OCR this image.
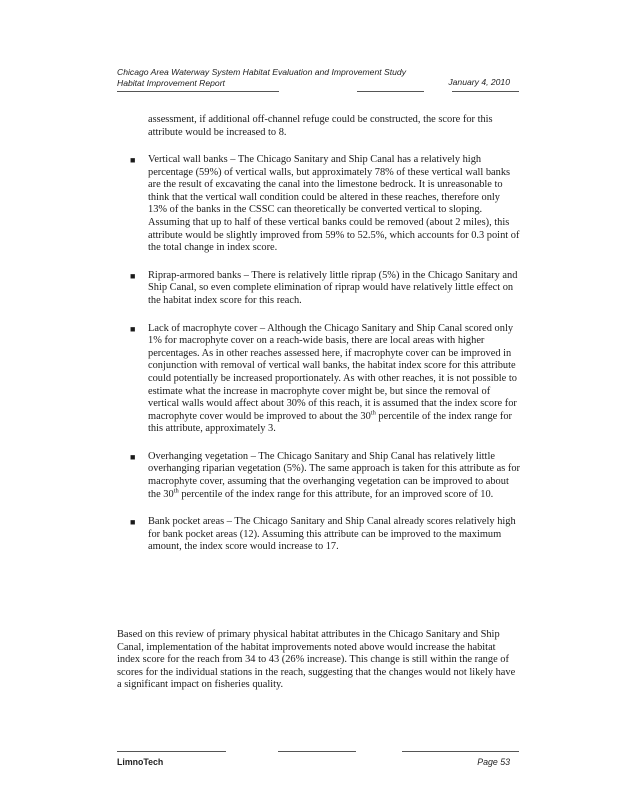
Chicago Area Waterway System Habitat Evaluation and Improvement Study
Habitat Improvement Report	January 4, 2010
assessment, if additional off-channel refuge could be constructed, the score for this attribute would be increased to 8.
■ Vertical wall banks – The Chicago Sanitary and Ship Canal has a relatively high percentage (59%) of vertical walls, but approximately 78% of these vertical wall banks are the result of excavating the canal into the limestone bedrock. It is unreasonable to think that the vertical wall condition could be altered in these reaches, therefore only 13% of the banks in the CSSC can theoretically be converted vertical to sloping. Assuming that up to half of these vertical banks could be removed (about 2 miles), this attribute would be slightly improved from 59% to 52.5%, which accounts for 0.3 point of the total change in index score.
■ Riprap-armored banks – There is relatively little riprap (5%) in the Chicago Sanitary and Ship Canal, so even complete elimination of riprap would have relatively little effect on the habitat index score for this reach.
■ Lack of macrophyte cover – Although the Chicago Sanitary and Ship Canal scored only 1% for macrophyte cover on a reach-wide basis, there are local areas with higher percentages. As in other reaches assessed here, if macrophyte cover can be improved in conjunction with removal of vertical wall banks, the habitat index score for this attribute could potentially be increased proportionately. As with other reaches, it is not possible to estimate what the increase in macrophyte cover might be, but since the removal of vertical walls would affect about 30% of this reach, it is assumed that the index score for macrophyte cover would be improved to about the 30th percentile of the index range for this attribute, approximately 3.
■ Overhanging vegetation – The Chicago Sanitary and Ship Canal has relatively little overhanging riparian vegetation (5%). The same approach is taken for this attribute as for macrophyte cover, assuming that the overhanging vegetation can be improved to about the 30th percentile of the index range for this attribute, for an improved score of 10.
■ Bank pocket areas – The Chicago Sanitary and Ship Canal already scores relatively high for bank pocket areas (12). Assuming this attribute can be improved to the maximum amount, the index score would increase to 17.
Based on this review of primary physical habitat attributes in the Chicago Sanitary and Ship Canal, implementation of the habitat improvements noted above would increase the habitat index score for the reach from 34 to 43 (26% increase). This change is still within the range of scores for the individual stations in the reach, suggesting that the changes would not likely have a significant impact on fisheries quality.
LimnoTech	Page 53
